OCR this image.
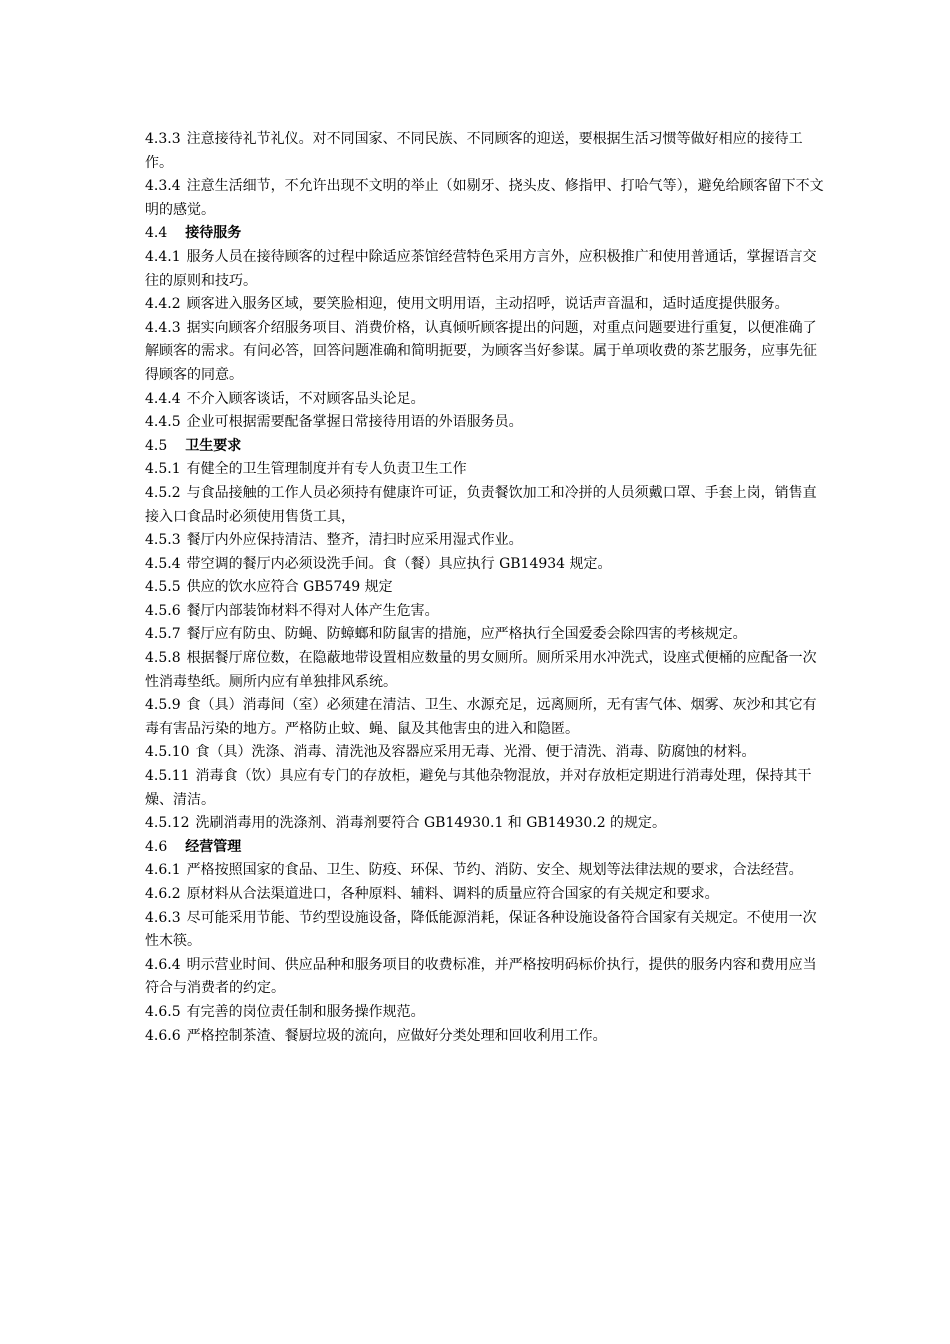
4.3.3 注意接待礼节礼仪。对不同国家、不同民族、不同顾客的迎送，要根据生活习惯等做好相应的接待工作。

4.3.4 注意生活细节，不允许出现不文明的举止（如剔牙、挠头皮、修指甲、打哈气等），避免给顾客留下不文明的感觉。

4.4 接待服务

4.4.1 服务人员在接待顾客的过程中除适应茶馆经营特色采用方言外，应积极推广和使用普通话，掌握语言交往的原则和技巧。

4.4.2 顾客进入服务区域，要笑脸相迎，使用文明用语，主动招呼，说话声音温和，适时适度提供服务。

4.4.3 据实向顾客介绍服务项目、消费价格，认真倾听顾客提出的问题，对重点问题要进行重复，以便准确了解顾客的需求。有问必答，回答问题准确和简明扼要，为顾客当好参谋。属于单项收费的茶艺服务，应事先征得顾客的同意。

4.4.4 不介入顾客谈话，不对顾客品头论足。

4.4.5 企业可根据需要配备掌握日常接待用语的外语服务员。

4.5 卫生要求

4.5.1 有健全的卫生管理制度并有专人负责卫生工作

4.5.2 与食品接触的工作人员必须持有健康许可证，负责餐饮加工和冷拼的人员须戴口罩、手套上岗，销售直接入口食品时必须使用售货工具，

4.5.3 餐厅内外应保持清洁、整齐，清扫时应采用湿式作业。

4.5.4 带空调的餐厅内必须设洗手间。食（餐）具应执行 GB14934 规定。

4.5.5 供应的饮水应符合 GB5749 规定

4.5.6 餐厅内部装饰材料不得对人体产生危害。

4.5.7 餐厅应有防虫、防蝇、防蟑螂和防鼠害的措施，应严格执行全国爱委会除四害的考核规定。

4.5.8 根据餐厅席位数，在隐蔽地带设置相应数量的男女厕所。厕所采用水冲洗式，设座式便桶的应配备一次性消毒垫纸。厕所内应有单独排风系统。

4.5.9 食（具）消毒间（室）必须建在清洁、卫生、水源充足，远离厕所，无有害气体、烟雾、灰沙和其它有毒有害品污染的地方。严格防止蚊、蝇、鼠及其他害虫的进入和隐匿。

4.5.10 食（具）洗涤、消毒、清洗池及容器应采用无毒、光滑、便于清洗、消毒、防腐蚀的材料。

4.5.11 消毒食（饮）具应有专门的存放柜，避免与其他杂物混放，并对存放柜定期进行消毒处理，保持其干燥、清洁。

4.5.12 洗刷消毒用的洗涤剂、消毒剂要符合 GB14930.1 和 GB14930.2 的规定。

4.6 经营管理

4.6.1 严格按照国家的食品、卫生、防疫、环保、节约、消防、安全、规划等法律法规的要求，合法经营。

4.6.2 原材料从合法渠道进口，各种原料、辅料、调料的质量应符合国家的有关规定和要求。

4.6.3 尽可能采用节能、节约型设施设备，降低能源消耗，保证各种设施设备符合国家有关规定。不使用一次性木筷。

4.6.4 明示营业时间、供应品种和服务项目的收费标准，并严格按明码标价执行，提供的服务内容和费用应当符合与消费者的约定。

4.6.5 有完善的岗位责任制和服务操作规范。

4.6.6 严格控制茶渣、餐厨垃圾的流向，应做好分类处理和回收利用工作。
